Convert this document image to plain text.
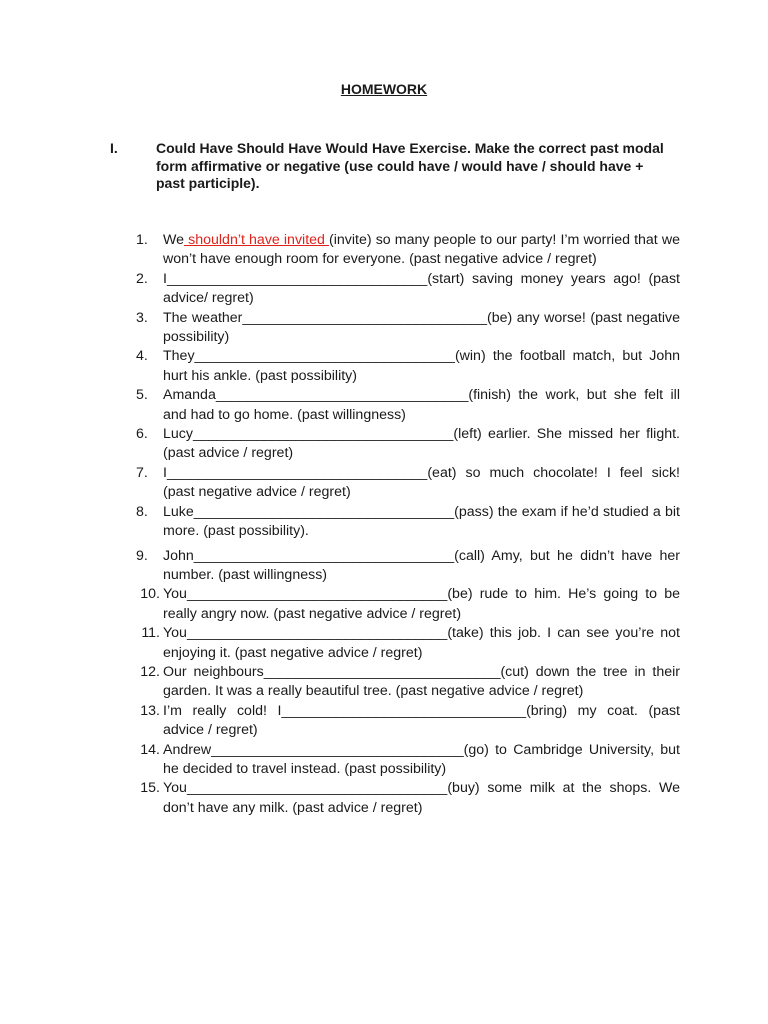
HOMEWORK
I.	Could Have Should Have Would Have Exercise. Make the correct past modal form affirmative or negative (use could have / would have / should have + past participle).
1.	We shouldn’t have invited (invite) so many people to our party! I’m worried that we won’t have enough room for everyone. (past negative advice / regret)
2.	I_________________________________(start) saving money years ago! (past advice/ regret)
3.	The weather_______________________________(be) any worse! (past negative possibility)
4.	They_________________________________(win) the football match, but John hurt his ankle. (past possibility)
5.	Amanda________________________________(finish) the work, but she felt ill and had to go home. (past willingness)
6.	Lucy_________________________________(left) earlier. She missed her flight. (past advice / regret)
7.	I_________________________________(eat) so much chocolate! I feel sick! (past negative advice / regret)
8.	Luke_________________________________(pass) the exam if he’d studied a bit more. (past possibility).
9.	John_________________________________(call) Amy, but he didn’t have her number. (past willingness)
10. You_________________________________(be) rude to him. He’s going to be really angry now. (past negative advice / regret)
11. You_________________________________(take) this job. I can see you’re not enjoying it. (past negative advice / regret)
12. Our neighbours______________________________(cut) down the tree in their garden. It was a really beautiful tree. (past negative advice / regret)
13. I’m really cold! I_______________________________(bring) my coat. (past advice / regret)
14. Andrew________________________________(go) to Cambridge University, but he decided to travel instead. (past possibility)
15. You_________________________________(buy) some milk at the shops. We don’t have any milk. (past advice / regret)
